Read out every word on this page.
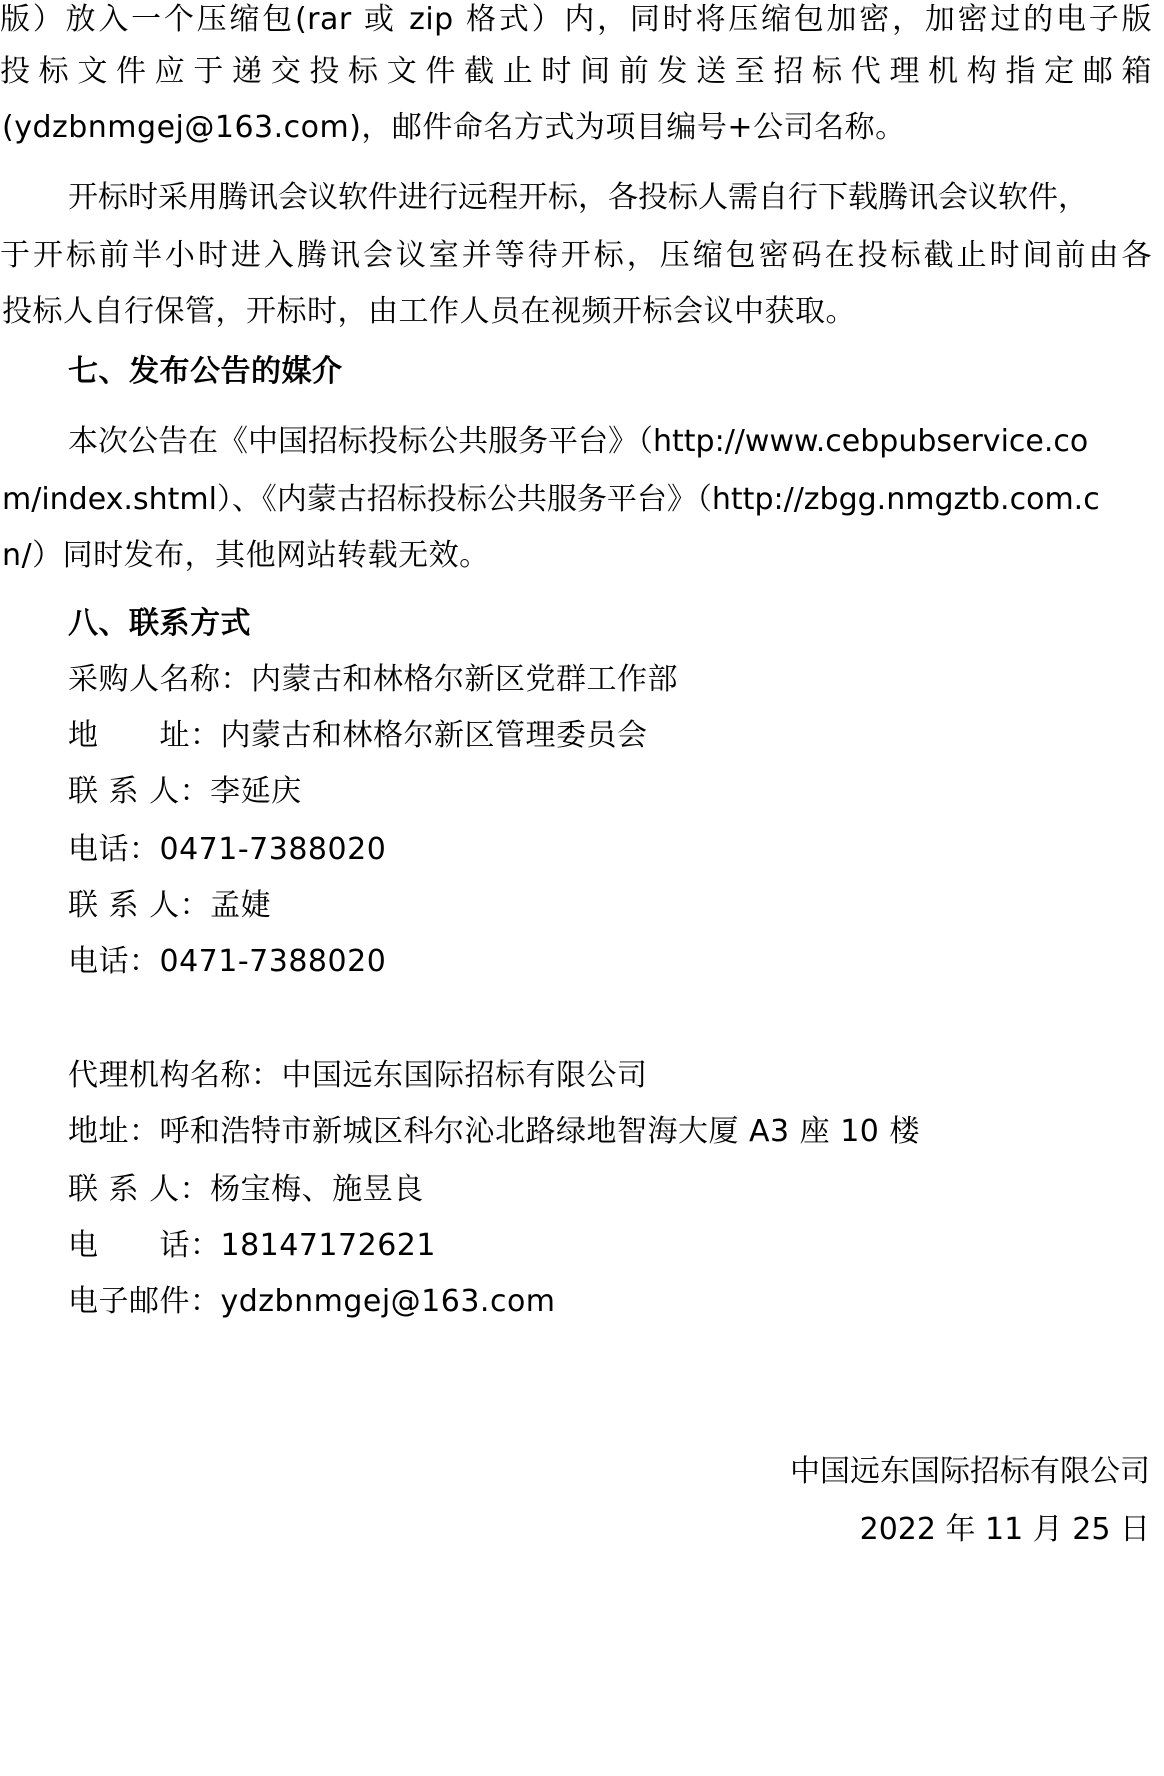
版）放入一个压缩包(rar 或 zip 格式）内，同时将压缩包加密，加密过的电子版
投标文件应于递交投标文件截止时间前发送至招标代理机构指定邮箱
(ydzbnmgej@163.com)，邮件命名方式为项目编号+公司名称。
开标时采用腾讯会议软件进行远程开标，各投标人需自行下载腾讯会议软件，
于开标前半小时进入腾讯会议室并等待开标，压缩包密码在投标截止时间前由各
投标人自行保管，开标时，由工作人员在视频开标会议中获取。
七、发布公告的媒介
本次公告在《中国招标投标公共服务平台》（http://www.cebpubservice.co
m/index.shtml）、《内蒙古招标投标公共服务平台》（http://zbgg.nmgztb.com.c
n/）同时发布，其他网站转载无效。
八、联系方式
采购人名称：内蒙古和林格尔新区党群工作部
地　　址：内蒙古和林格尔新区管理委员会
联 系 人：李延庆
电话：0471-7388020
联 系 人：孟婕
电话：0471-7388020
代理机构名称：中国远东国际招标有限公司
地址：呼和浩特市新城区科尔沁北路绿地智海大厦 A3 座 10 楼
联 系 人：杨宝梅、施昱良
电　　话：18147172621
电子邮件：ydzbnmgej@163.com
中国远东国际招标有限公司
2022 年 11 月 25 日
